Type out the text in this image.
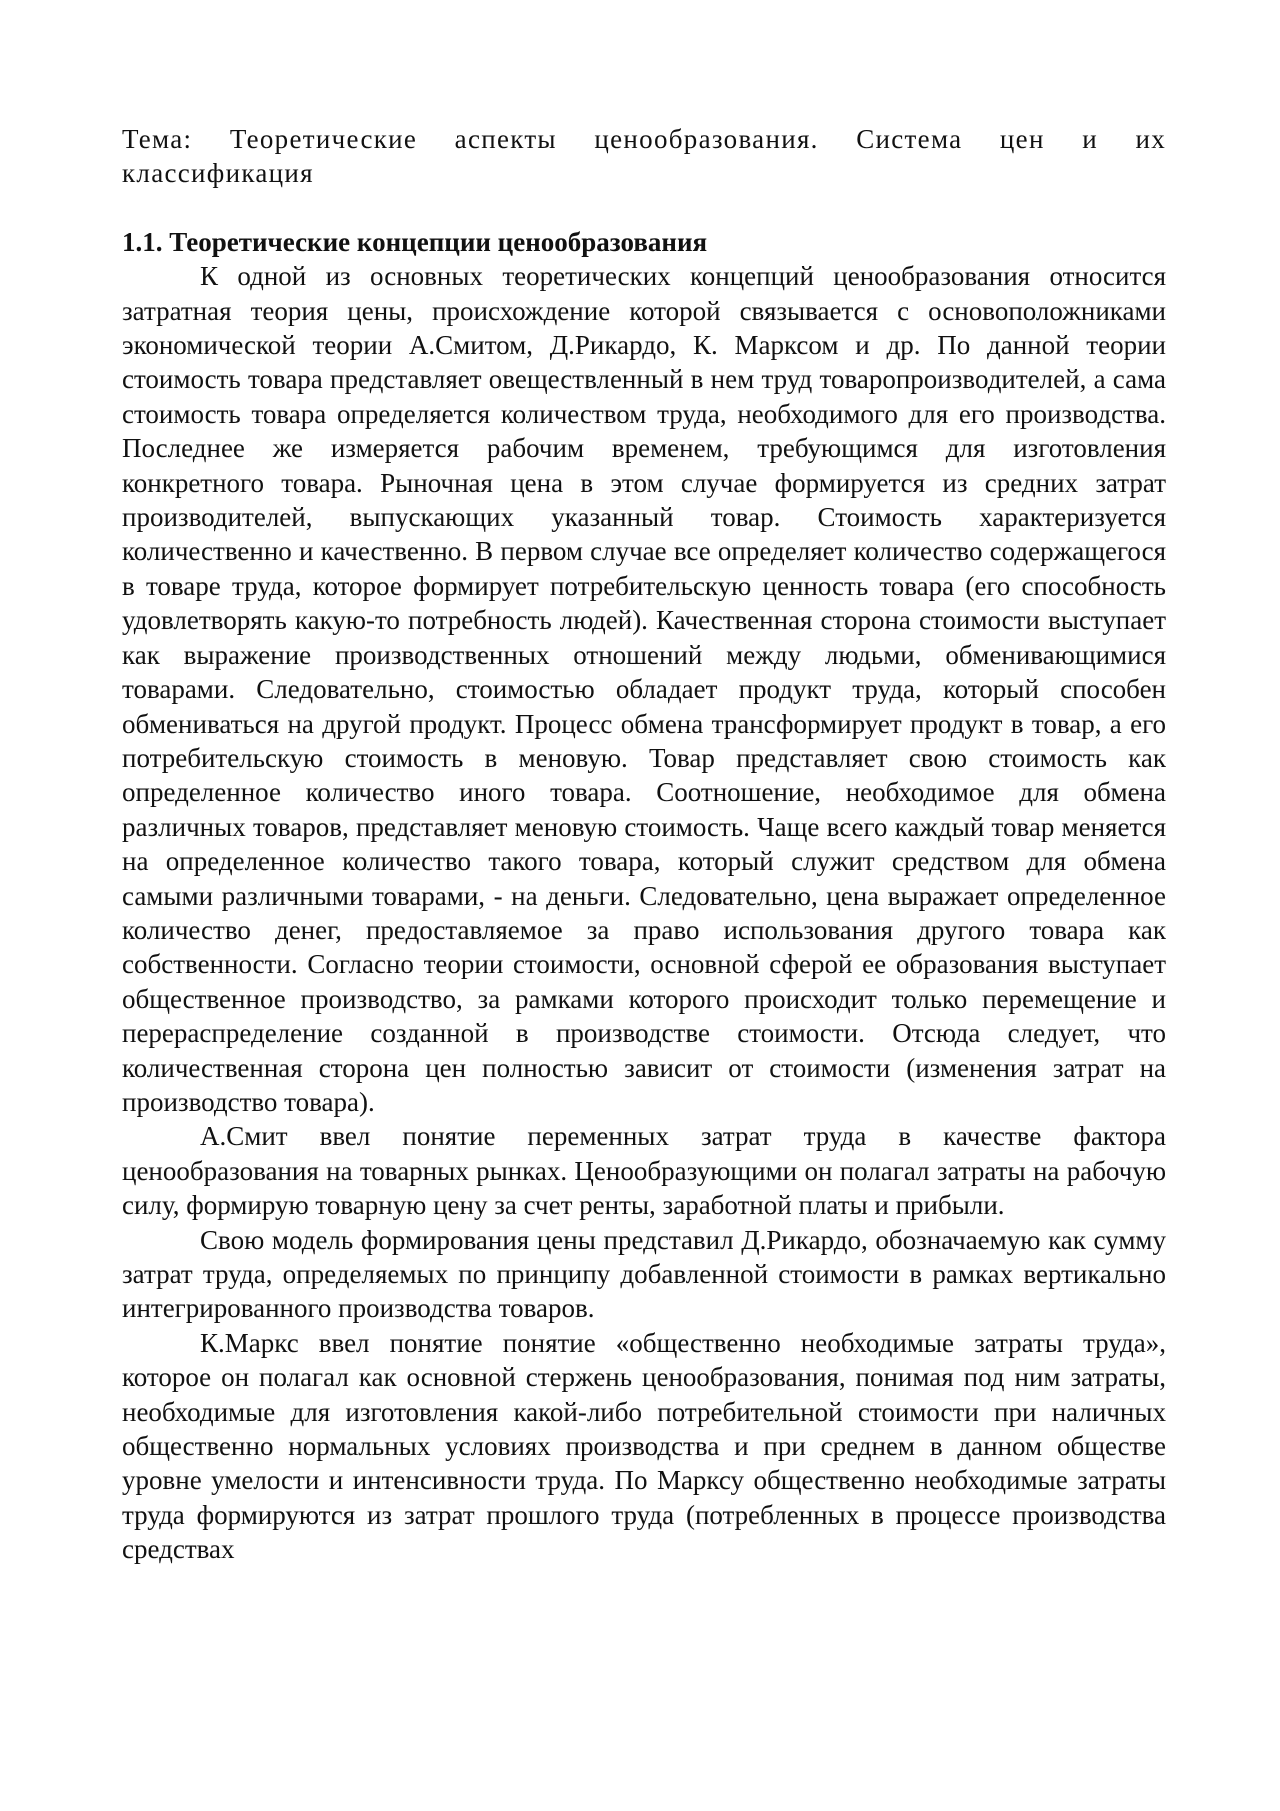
Тема: Теоретические аспекты ценообразования. Система цен и их классификация

1.1. Теоретические концепции ценообразования

К одной из основных теоретических концепций ценообразования относится затратная теория цены, происхождение которой связывается с основоположниками экономической теории А.Смитом, Д.Рикардо, К. Марксом и др. По данной теории стоимость товара представляет овеществленный в нем труд товаропроизводителей, а сама стоимость товара определяется количеством труда, необходимого для его производства. Последнее же измеряется рабочим временем, требующимся для изготовления конкретного товара. Рыночная цена в этом случае формируется из средних затрат производителей, выпускающих указанный товар. Стоимость характеризуется количественно и качественно. В первом случае все определяет количество содержащегося в товаре труда, которое формирует потребительскую ценность товара (его способность удовлетворять какую-то потребность людей). Качественная сторона стоимости выступает как выражение производственных отношений между людьми, обменивающимися товарами. Следовательно, стоимостью обладает продукт труда, который способен обмениваться на другой продукт. Процесс обмена трансформирует продукт в товар, а его потребительскую стоимость в меновую. Товар представляет свою стоимость как определенное количество иного товара. Соотношение, необходимое для обмена различных товаров, представляет меновую стоимость. Чаще всего каждый товар меняется на определенное количество такого товара, который служит средством для обмена самыми различными товарами, - на деньги. Следовательно, цена выражает определенное количество денег, предоставляемое за право использования другого товара как собственности. Согласно теории стоимости, основной сферой ее образования выступает общественное производство, за рамками которого происходит только перемещение и перераспределение созданной в производстве стоимости. Отсюда следует, что количественная сторона цен полностью зависит от стоимости (изменения затрат на производство товара).

А.Смит ввел понятие переменных затрат труда в качестве фактора ценообразования на товарных рынках. Ценообразующими он полагал затраты на рабочую силу, формирую товарную цену за счет ренты, заработной платы и прибыли.

Свою модель формирования цены представил Д.Рикардо, обозначаемую как сумму затрат труда, определяемых по принципу добавленной стоимости в рамках вертикально интегрированного производства товаров.

К.Маркс ввел понятие понятие «общественно необходимые затраты труда», которое он полагал как основной стержень ценообразования, понимая под ним затраты, необходимые для изготовления какой-либо потребительной стоимости при наличных общественно нормальных условиях производства и при среднем в данном обществе уровне умелости и интенсивности труда. По Марксу общественно необходимые затраты труда формируются из затрат прошлого труда (потребленных в процессе производства средствах
